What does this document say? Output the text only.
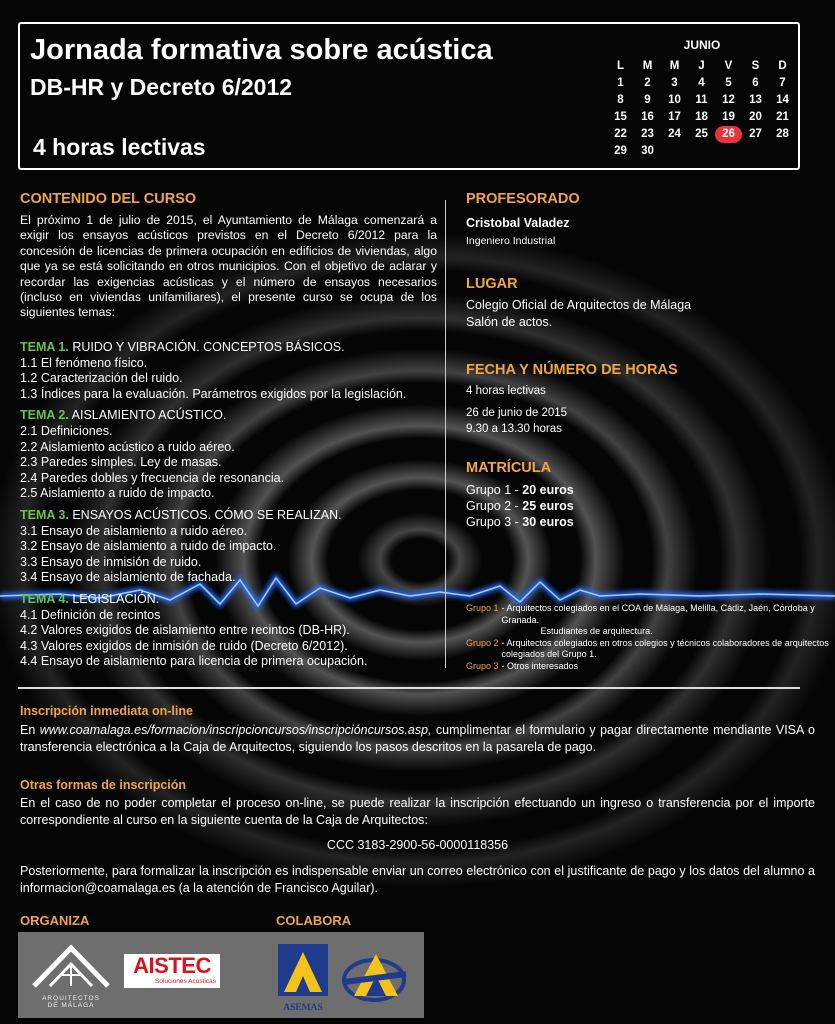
Jornada formativa sobre acústica
DB-HR y Decreto 6/2012
4 horas lectivas
JUNIO
L	M	M	J	V	S	D
1	2	3	4	5	6	7
8	9	10	11	12	13	14
15	16	17	18	19	20	21
22	23	24	25	26	27	28
29	30
CONTENIDO DEL CURSO
El próximo 1 de julio de 2015, el Ayuntamiento de Málaga comenzará a exigir los ensayos acústicos previstos en el Decreto 6/2012 para la concesión de licencias de primera ocupación en edificios de viviendas, algo que ya se está solicitando en otros municipios. Con el objetivo de aclarar y recordar las exigencias acústicas y el número de ensayos necesarios (incluso en viviendas unifamiliares), el presente curso se ocupa de los siguientes temas:
TEMA 1. RUIDO Y VIBRACIÓN. CONCEPTOS BÁSICOS.
1.1 El fenómeno físico.
1.2 Caracterización del ruido.
1.3 Índices para la evaluación. Parámetros exigidos por la legislación.
TEMA 2. AISLAMIENTO ACÚSTICO.
2.1 Definiciones.
2.2 Aislamiento acústico a ruido aéreo.
2.3 Paredes simples. Ley de masas.
2.4 Paredes dobles y frecuencia de resonancia.
2.5 Aislamiento a ruido de impacto.
TEMA 3. ENSAYOS ACÚSTICOS. CÓMO SE REALIZAN.
3.1 Ensayo de aislamiento a ruido aéreo.
3.2 Ensayo de aislamiento a ruido de impacto.
3.3 Ensayo de inmisión de ruido.
3.4 Ensayo de aislamiento de fachada.
TEMA 4. LEGISLACIÓN.
4.1 Definición de recintos
4.2 Valores exigidos de aislamiento entre recintos (DB-HR).
4.3 Valores exigidos de inmisión de ruido (Decreto 6/2012).
4.4 Ensayo de aislamiento para licencia de primera ocupación.
PROFESORADO
Cristobal Valadez
Ingeniero Industrial
LUGAR
Colegio Oficial de Arquitectos de Málaga
Salón de actos.
FECHA Y NÚMERO DE HORAS
4 horas lectivas
26 de junio de 2015
9.30 a 13.30 horas
MATRÍCULA
Grupo 1 - 20 euros
Grupo 2 - 25 euros
Grupo 3 - 30 euros
Grupo 1 - Arquitectos colegiados en el COA de Málaga, Melilla, Cádiz, Jaén, Córdoba y Granada.
Estudiantes de arquitectura.
Grupo 2 - Arquitectos colegiados en otros colegios y técnicos colaboradores de arquitectos colegiados del Grupo 1.
Grupo 3 - Otros interesados
Inscripción inmediata on-line
En www.coamalaga.es/formacion/inscripcioncursos/inscripcióncursos.asp, cumplimentar el formulario y pagar directamente mendiante VISA o transferencia electrónica a la Caja de Arquitectos, siguiendo los pasos descritos en la pasarela de pago.
Otras formas de inscripción
En el caso de no poder completar el proceso on-line, se puede realizar la inscripción efectuando un ingreso o transferencia por el importe correspondiente al curso en la siguiente cuenta de la Caja de Arquitectos:
CCC 3183-2900-56-0000118356
Posteriormente, para formalizar la inscripción es indispensable enviar un correo electrónico con el justificante de pago y los datos del alumno a informacion@coamalaga.es (a la atención de Francisco Aguilar).
ORGANIZA	COLABORA
ARQUITECTOS
DE MÁLAGA
AISTEC
Soluciones Acústicas
ASEMAS
